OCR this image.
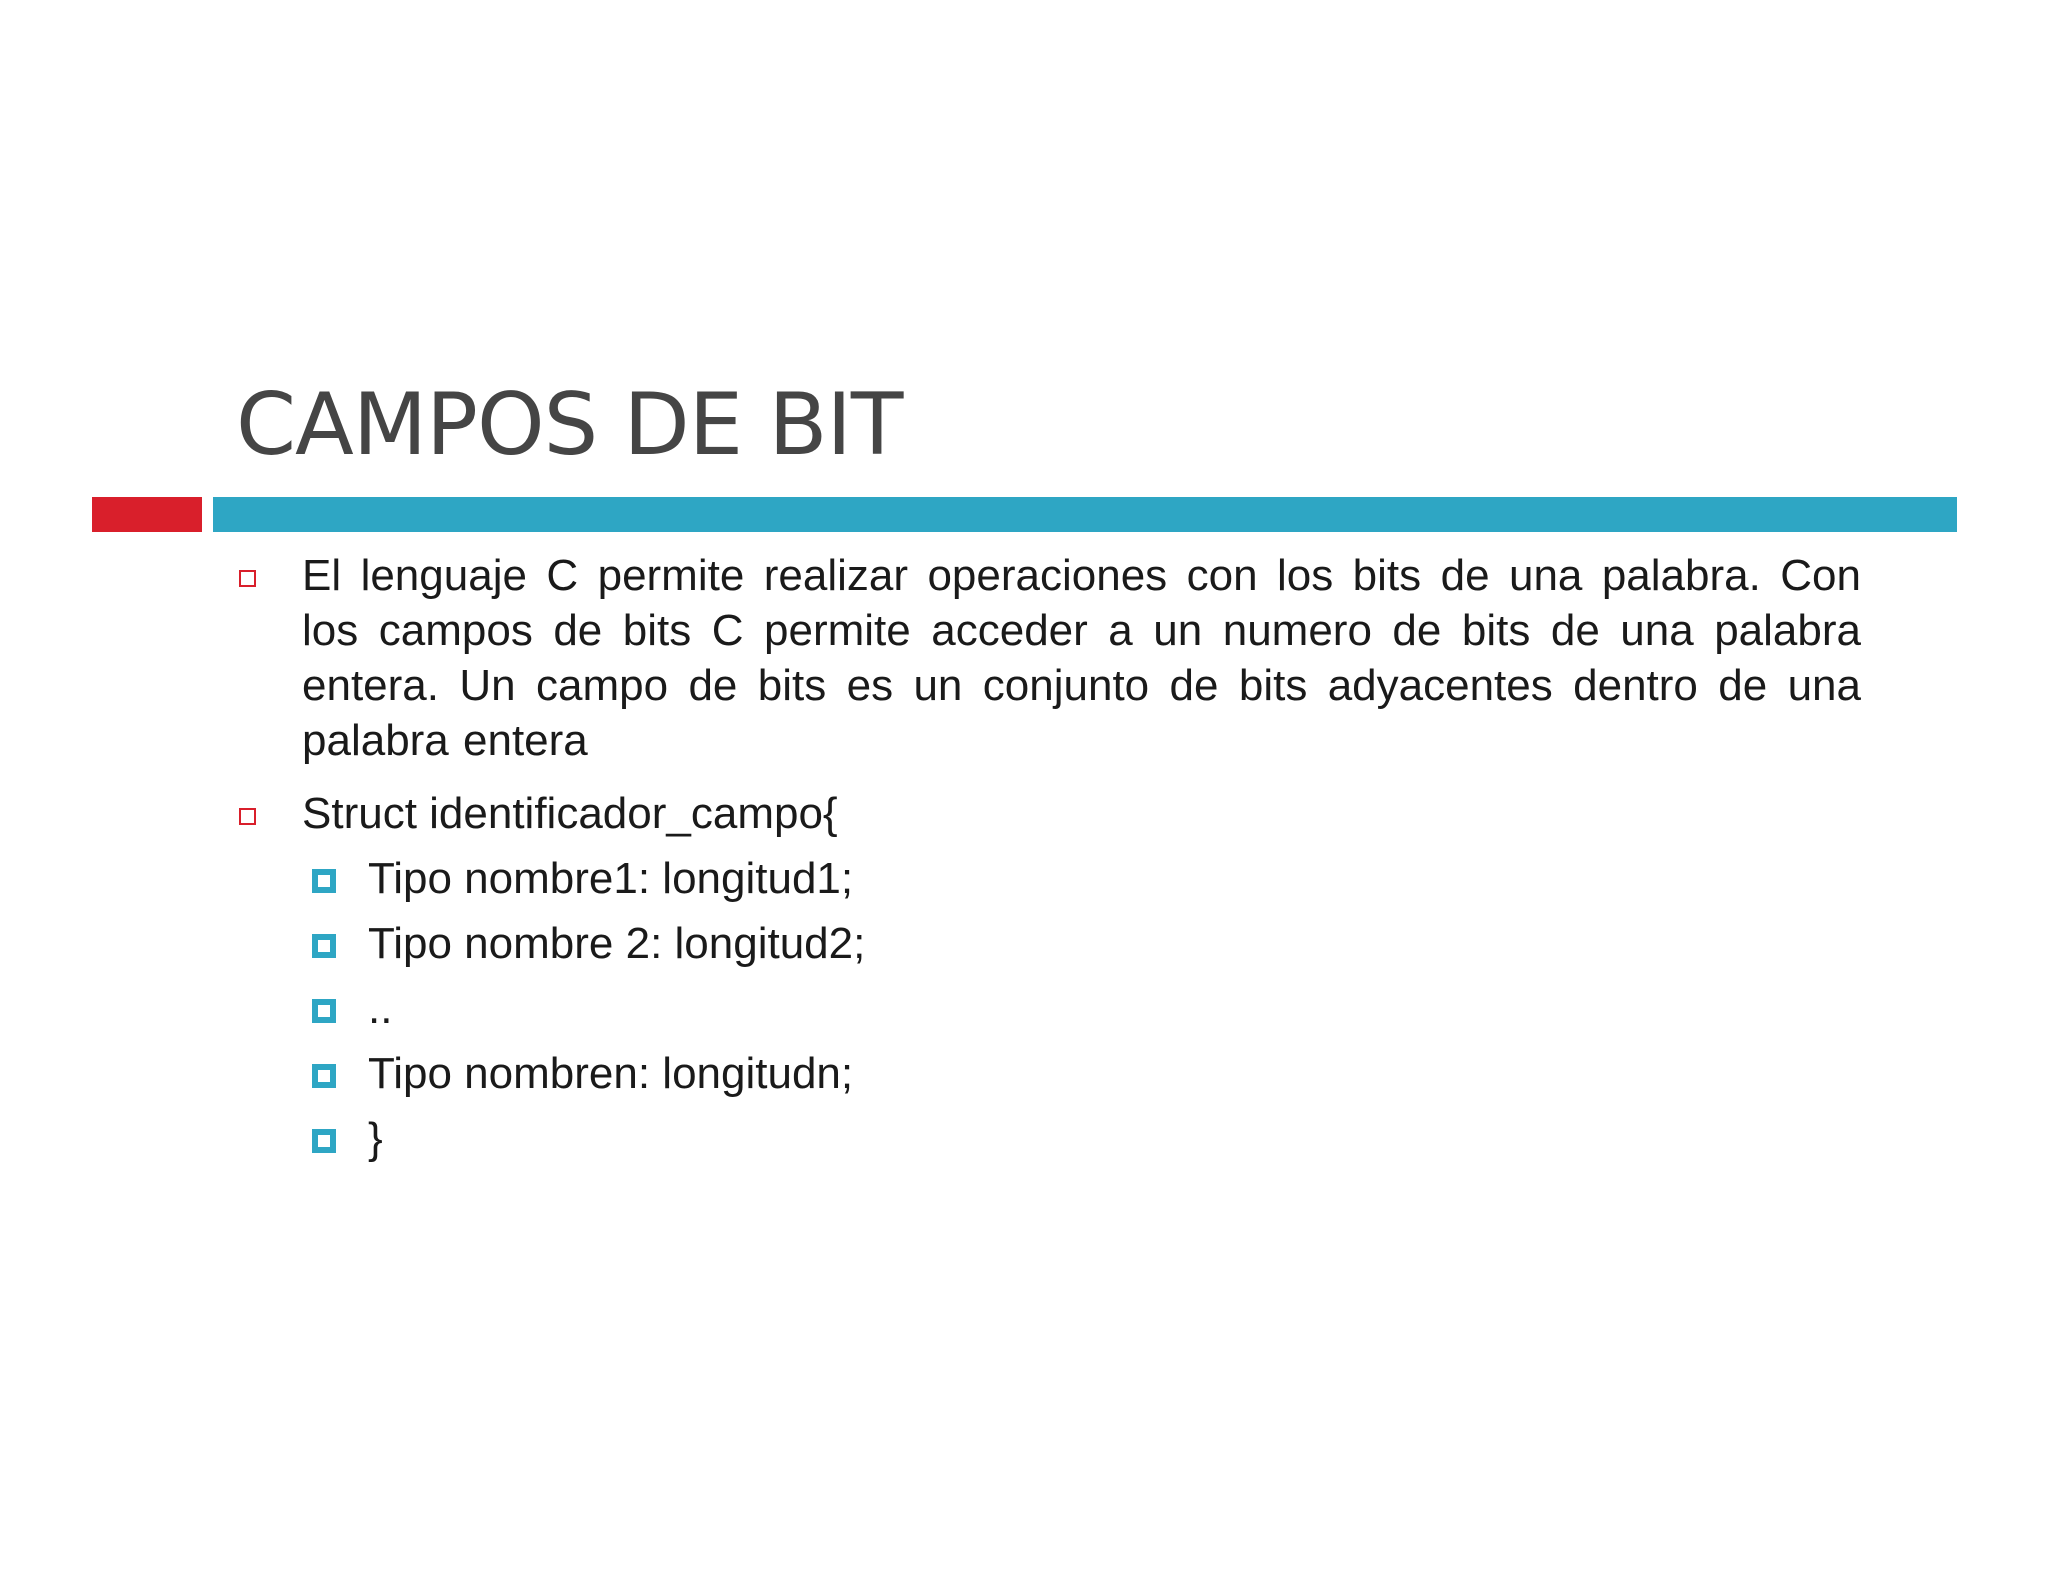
CAMPOS DE BIT
El lenguaje C permite realizar operaciones con los bits de una palabra. Con los campos de bits C permite acceder a un numero de bits de una palabra entera. Un campo de bits es un conjunto de bits adyacentes dentro de una palabra entera
Struct identificador_campo{
Tipo nombre1: longitud1;
Tipo nombre 2: longitud2;
..
Tipo nombren: longitudn;
}
